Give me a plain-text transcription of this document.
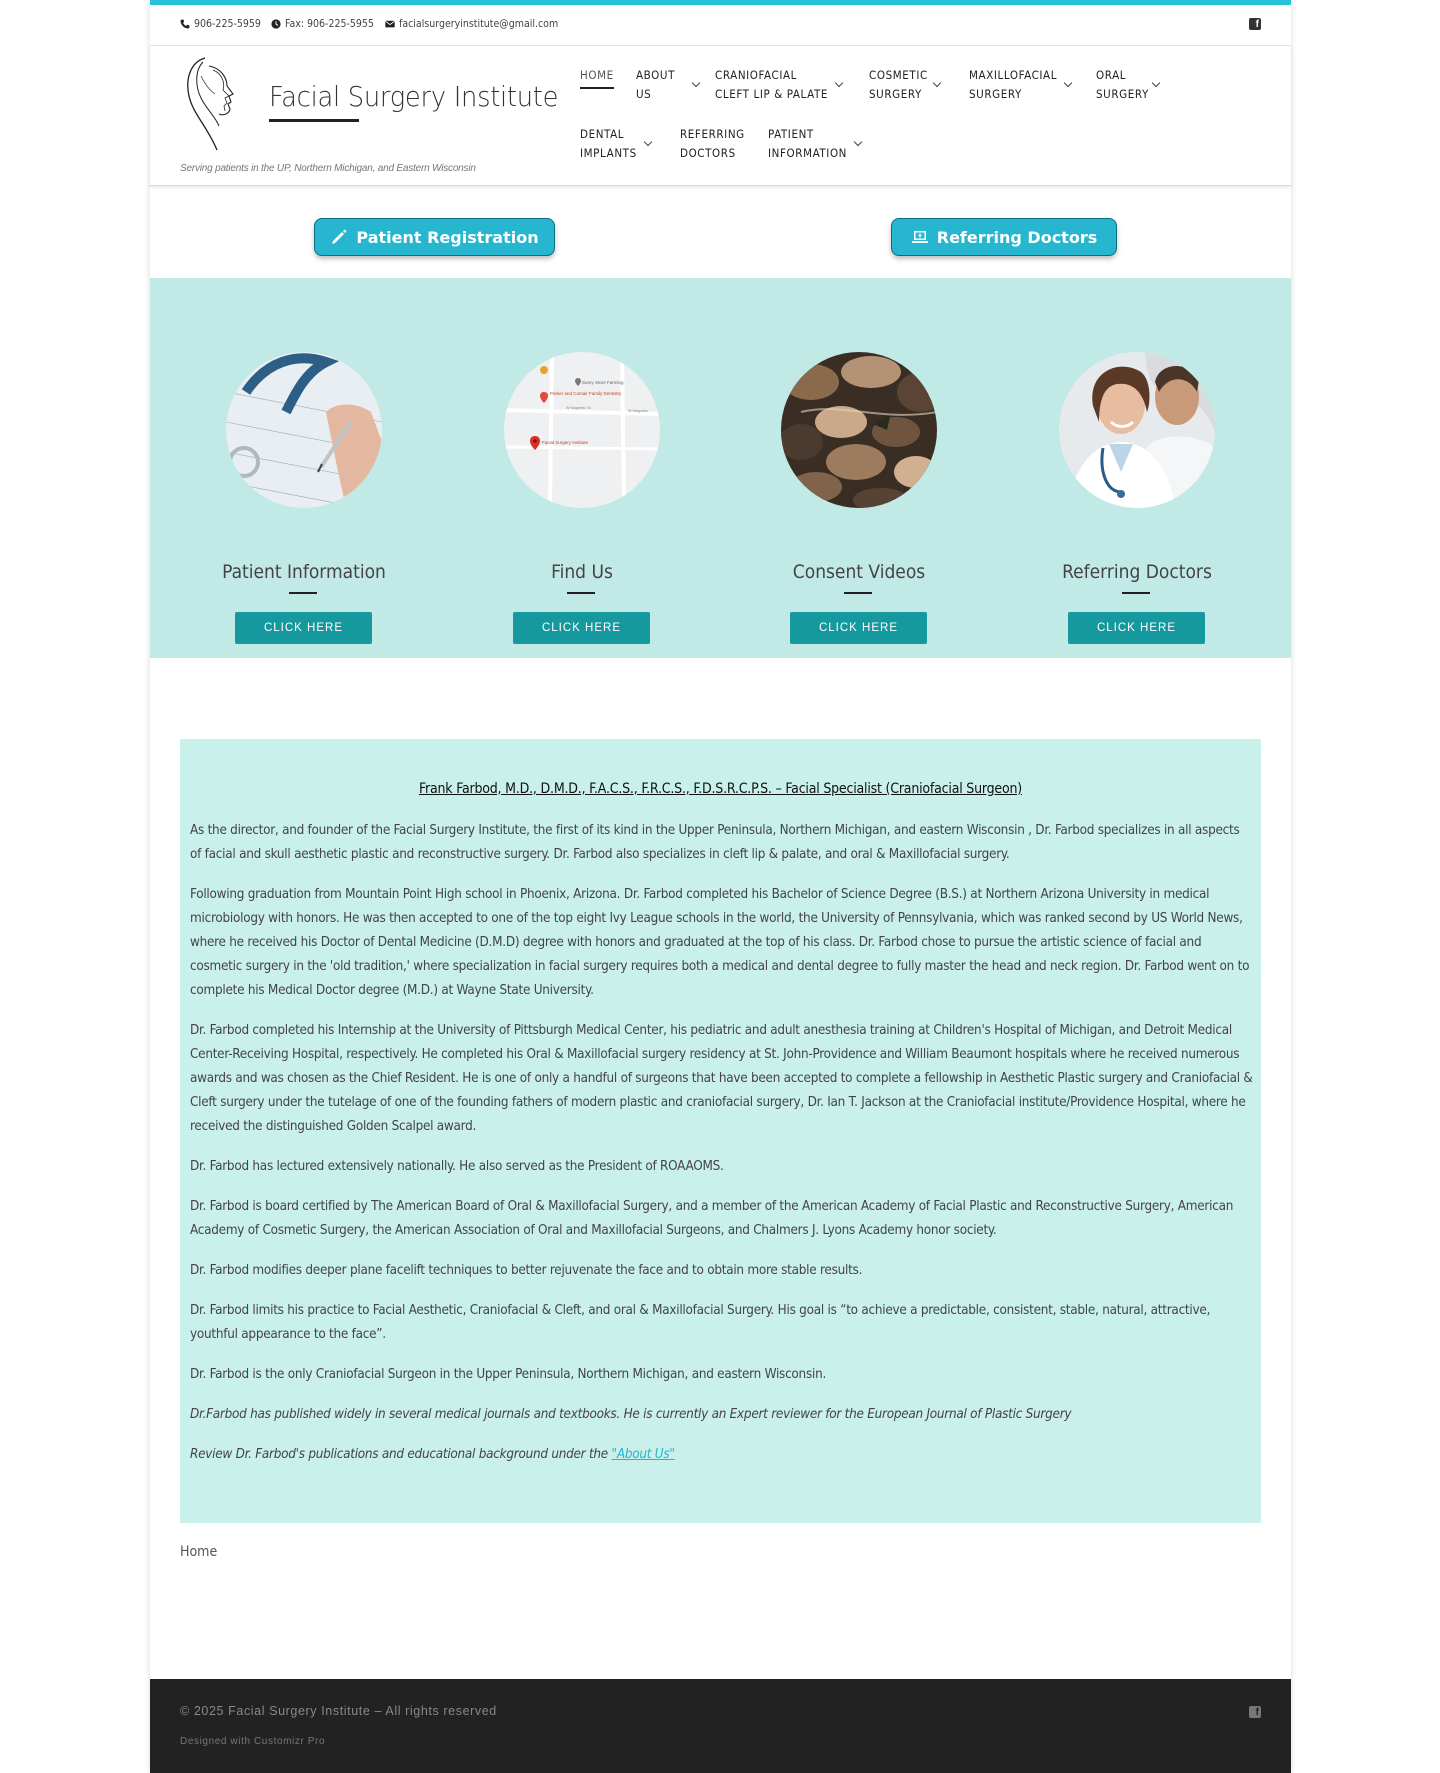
906-225-5959 Fax: 906-225-5955 facialsurgeryinstitute@gmail.com	f
Facial Surgery Institute
Serving patients in the UP, Northern Michigan, and Eastern Wisconsin
HOME ABOUT
US
CRANIOFACIAL
CLEFT LIP & PALATE
COSMETIC
SURGERY
MAXILLOFACIAL
SURGERY
ORAL
SURGERY
DENTAL
IMPLANTS
REFERRING
DOCTORS
PATIENT
INFORMATION
Patient Registration	Referring Doctors
Patient Information
CLICK HERE
Parker and Comair Family Dentistry
Surey Store Farming
W Magnetic St
W Magnetic
Facial Surgery Institute
Find Us
CLICK HERE
Consent Videos
CLICK HERE
Referring Doctors
CLICK HERE
Frank Farbod, M.D., D.M.D., F.A.C.S., F.R.C.S., F.D.S.R.C.P.S. – Facial Specialist (Craniofacial Surgeon)

As the director, and founder of the Facial Surgery Institute, the first of its kind in the Upper Peninsula, Northern Michigan, and eastern Wisconsin , Dr. Farbod specializes in all aspects of facial and skull aesthetic plastic and reconstructive surgery. Dr. Farbod also specializes in cleft lip & palate, and oral & Maxillofacial surgery.

Following graduation from Mountain Point High school in Phoenix, Arizona. Dr. Farbod completed his Bachelor of Science Degree (B.S.) at Northern Arizona University in medical microbiology with honors. He was then accepted to one of the top eight Ivy League schools in the world, the University of Pennsylvania, which was ranked second by US World News, where he received his Doctor of Dental Medicine (D.M.D) degree with honors and graduated at the top of his class. Dr. Farbod chose to pursue the artistic science of facial and cosmetic surgery in the 'old tradition,' where specialization in facial surgery requires both a medical and dental degree to fully master the head and neck region. Dr. Farbod went on to complete his Medical Doctor degree (M.D.) at Wayne State University.

Dr. Farbod completed his Internship at the University of Pittsburgh Medical Center, his pediatric and adult anesthesia training at Children's Hospital of Michigan, and Detroit Medical Center-Receiving Hospital, respectively. He completed his Oral & Maxillofacial surgery residency at St. John-Providence and William Beaumont hospitals where he received numerous awards and was chosen as the Chief Resident. He is one of only a handful of surgeons that have been accepted to complete a fellowship in Aesthetic Plastic surgery and Craniofacial & Cleft surgery under the tutelage of one of the founding fathers of modern plastic and craniofacial surgery, Dr. Ian T. Jackson at the Craniofacial institute/Providence Hospital, where he received the distinguished Golden Scalpel award.

Dr. Farbod has lectured extensively nationally. He also served as the President of ROAAOMS.

Dr. Farbod is board certified by The American Board of Oral & Maxillofacial Surgery, and a member of the American Academy of Facial Plastic and Reconstructive Surgery, American Academy of Cosmetic Surgery, the American Association of Oral and Maxillofacial Surgeons, and Chalmers J. Lyons Academy honor society.

Dr. Farbod modifies deeper plane facelift techniques to better rejuvenate the face and to obtain more stable results.

Dr. Farbod limits his practice to Facial Aesthetic, Craniofacial & Cleft, and oral & Maxillofacial Surgery. His goal is “to achieve a predictable, consistent, stable, natural, attractive, youthful appearance to the face”.

Dr. Farbod is the only Craniofacial Surgeon in the Upper Peninsula, Northern Michigan, and eastern Wisconsin.

Dr.Farbod has published widely in several medical journals and textbooks. He is currently an Expert reviewer for the European Journal of Plastic Surgery

Review Dr. Farbod's publications and educational background under the "About Us"

Home
© 2025 Facial Surgery Institute – All rights reserved
Designed with Customizr Pro
f
